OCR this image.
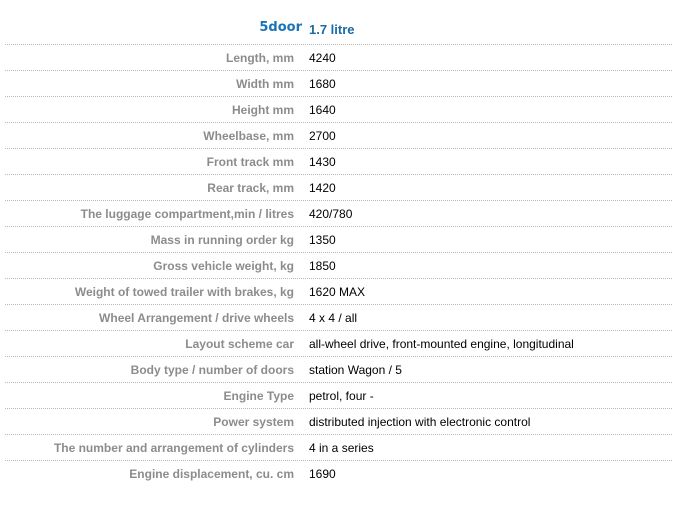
5door 1.7 litre
Length, mm 4240
Width mm 1680
Height mm 1640
Wheelbase, mm 2700
Front track mm 1430
Rear track, mm 1420
The luggage compartment,min / litres 420/780
Mass in running order kg 1350
Gross vehicle weight, kg 1850
Weight of towed trailer with brakes, kg 1620 MAX
Wheel Arrangement / drive wheels 4 x 4 / all
Layout scheme car all-wheel drive, front-mounted engine, longitudinal
Body type / number of doors station Wagon / 5
Engine Type petrol, four -
Power system distributed injection with electronic control
The number and arrangement of cylinders 4 in a series
Engine displacement, cu. cm 1690
